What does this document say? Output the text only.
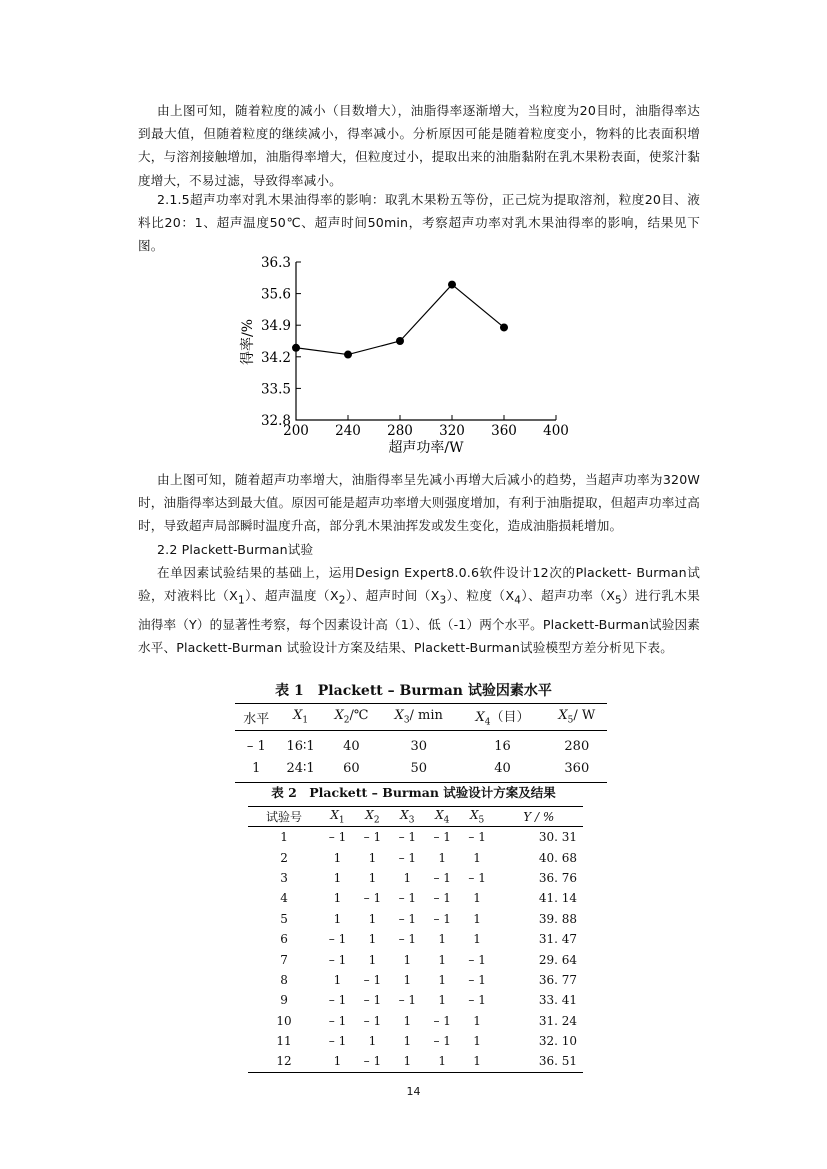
由上图可知，随着粒度的减小（目数增大），油脂得率逐渐增大，当粒度为20目时，油脂得率达到最大值，但随着粒度的继续减小，得率减小。分析原因可能是随着粒度变小，物料的比表面积增大，与溶剂接触增加，油脂得率增大，但粒度过小，提取出来的油脂黏附在乳木果粉表面，使浆汁黏度增大，不易过滤，导致得率减小。

2.1.5超声功率对乳木果油得率的影响：取乳木果粉五等份，正己烷为提取溶剂，粒度20目、液料比20：1、超声温度50℃、超声时间50min，考察超声功率对乳木果油得率的影响，结果见下图。

32.8
33.5
34.2
34.9
35.6
36.3
200 240 280 320 360 400
超声功率/W
得率/%

由上图可知，随着超声功率增大，油脂得率呈先减小再增大后减小的趋势，当超声功率为320W时，油脂得率达到最大值。原因可能是超声功率增大则强度增加，有利于油脂提取，但超声功率过高时，导致超声局部瞬时温度升高，部分乳木果油挥发或发生变化，造成油脂损耗增加。

2.2 Plackett-Burman试验

在单因素试验结果的基础上，运用Design Expert8.0.6软件设计12次的Plackett- Burman试验，对液料比$(X_1)$、超声温度$(X_2)$、超声时间$(X_3)$、粒度$(X_4)$、超声功率$(X_5)$进行乳木果油得率（Y）的显著性考察，每个因素设计高（1）、低（-1）两个水平。Plackett-Burman试验因素水平、Plackett-Burman 试验设计方案及结果、Plackett-Burman试验模型方差分析见下表。

表 1　Plackett – Burman 试验因素水平
水平	$X_1$	$X_2/℃$	$X_3/$ min	$X_4$（目）	$X_5/$ W
– 1	16∶1	40	30	16	280
1	24∶1	60	50	40	360
表 2　Plackett – Burman 试验设计方案及结果
试验号	$X_1$	$X_2$	$X_3$	$X_4$	$X_5$	Y / %
1	– 1	– 1	– 1	– 1	– 1	30. 31
2	1	1	– 1	1	1	40. 68
3	1	1	1	– 1	– 1	36. 76
4	1	– 1	– 1	– 1	1	41. 14
5	1	1	– 1	– 1	1	39. 88
6	– 1	1	– 1	1	1	31. 47
7	– 1	1	1	1	– 1	29. 64
8	1	– 1	1	1	– 1	36. 77
9	– 1	– 1	– 1	1	– 1	33. 41
10	– 1	– 1	1	– 1	1	31. 24
11	– 1	1	1	– 1	1	32. 10
12	1	– 1	1	1	1	36. 51
14
